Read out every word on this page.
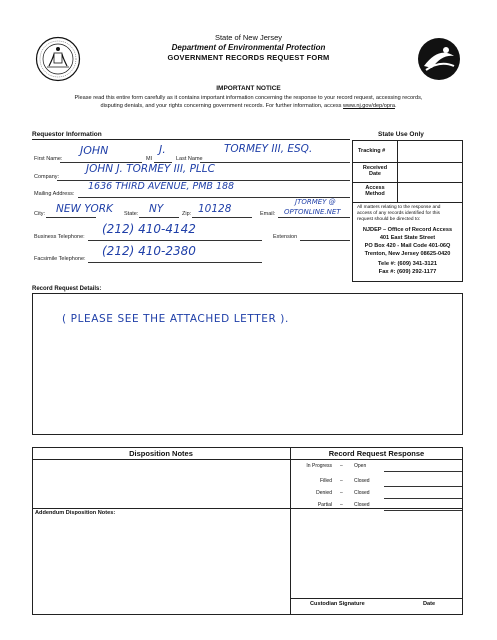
State of New Jersey
Department of Environmental Protection
GOVERNMENT RECORDS REQUEST FORM
IMPORTANT NOTICE
Please read this entire form carefully as it contains important information concerning the response to your record request, accessing records,
disputing denials, and your rights concerning government records. For further information, access www.nj.gov/dep/opra.
Requestor Information
First Name:
JOHN
MI
J.
Last Name
TORMEY III, ESQ.
Company:
JOHN J. TORMEY III, PLLC
Mailing Address:
1636 THIRD AVENUE, PMB 188
City: NEW YORK State: NY	Zip: 10128	Email:
JTORMEY @
OPTONLINE.NET
Business Telephone:
(212) 410-4142
Extension
Facsimile Telephone:
(212) 410-2380
State Use Only
Tracking #
Received
Date
Access
Method
All matters relating to the response and
access of any records identified for this
request should be directed to:
NJDEP – Office of Record Access
401 East State Street
PO Box 420 - Mail Code 401-06Q
Trenton, New Jersey 08625-0420
Tele #: (609) 341-3121
Fax #: (609) 292-1177
Record Request Details:
( PLEASE SEE THE ATTACHED LETTER ).
Disposition Notes	Record Request Response
Addendum Disposition Notes:
In Progress – Open
Filled – Closed
Denied – Closed
Partial – Closed
Custodian Signature	Date
